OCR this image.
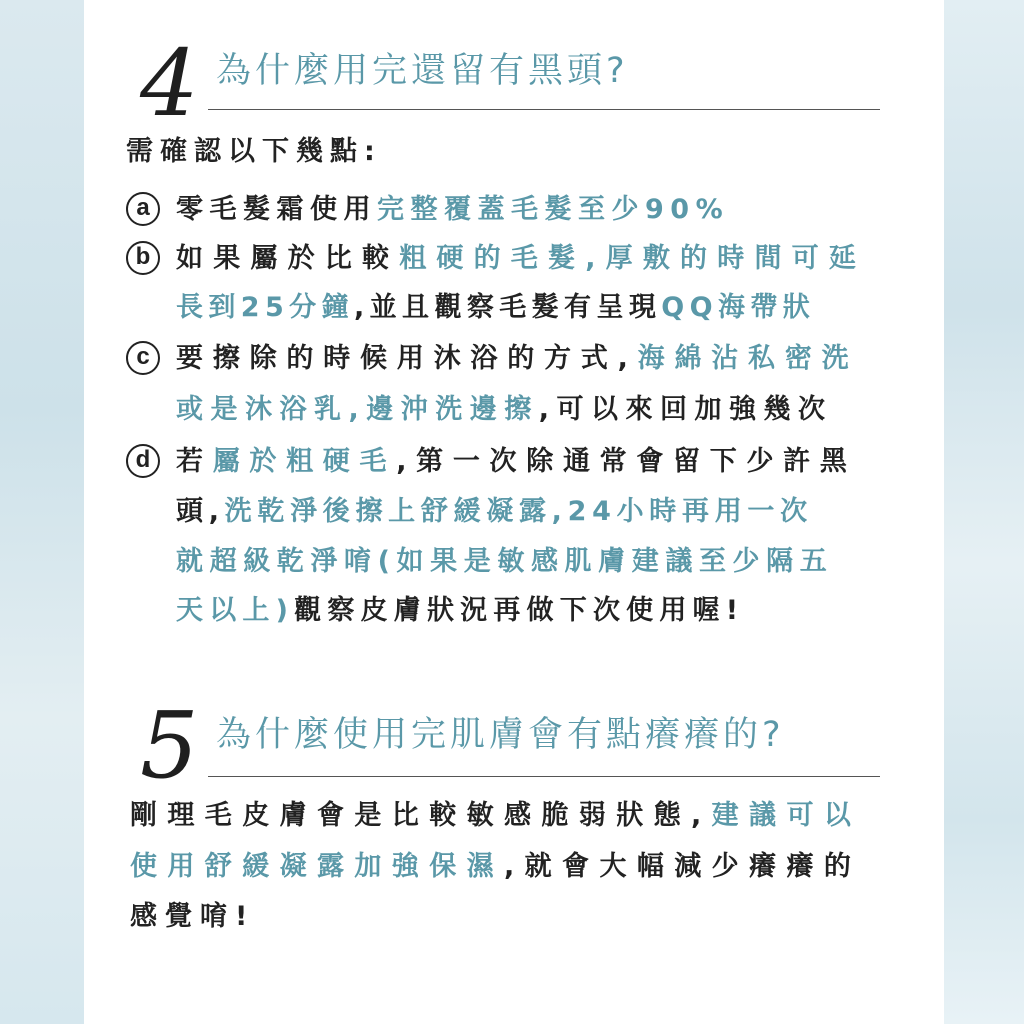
4 為什麼用完還留有黑頭?
需確認以下幾點:
a 零毛髮霜使用完整覆蓋毛髮至少90%
b 如果屬於比較粗硬的毛髮,厚敷的時間可延
長到25分鐘,並且觀察毛髮有呈現QQ海帶狀
c 要擦除的時候用沐浴的方式,海綿沾私密洗
或是沐浴乳,邊沖洗邊擦,可以來回加強幾次
d 若屬於粗硬毛,第一次除通常會留下少許黑
頭,洗乾淨後擦上舒緩凝露,24小時再用一次
就超級乾淨唷(如果是敏感肌膚建議至少隔五
天以上)觀察皮膚狀況再做下次使用喔!
5 為什麼使用完肌膚會有點癢癢的?
剛理毛皮膚會是比較敏感脆弱狀態,建議可以
使用舒緩凝露加強保濕,就會大幅減少癢癢的
感覺唷!
